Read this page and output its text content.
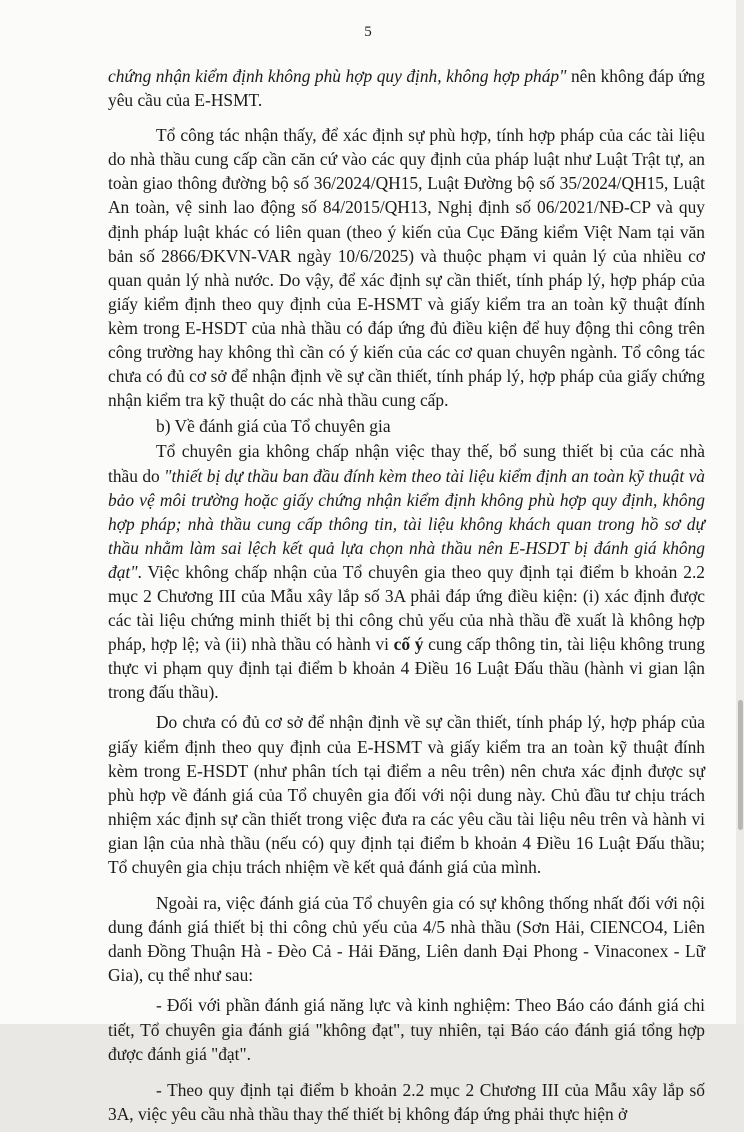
5

chứng nhận kiểm định không phù hợp quy định, không hợp pháp" nên không đáp ứng yêu cầu của E-HSMT.

Tổ công tác nhận thấy, để xác định sự phù hợp, tính hợp pháp của các tài liệu do nhà thầu cung cấp cần căn cứ vào các quy định của pháp luật như Luật Trật tự, an toàn giao thông đường bộ số 36/2024/QH15, Luật Đường bộ số 35/2024/QH15, Luật An toàn, vệ sinh lao động số 84/2015/QH13, Nghị định số 06/2021/NĐ-CP và quy định pháp luật khác có liên quan (theo ý kiến của Cục Đăng kiểm Việt Nam tại văn bản số 2866/ĐKVN-VAR ngày 10/6/2025) và thuộc phạm vi quản lý của nhiều cơ quan quản lý nhà nước. Do vậy, để xác định sự cần thiết, tính pháp lý, hợp pháp của giấy kiểm định theo quy định của E-HSMT và giấy kiểm tra an toàn kỹ thuật đính kèm trong E-HSDT của nhà thầu có đáp ứng đủ điều kiện để huy động thi công trên công trường hay không thì cần có ý kiến của các cơ quan chuyên ngành. Tổ công tác chưa có đủ cơ sở để nhận định về sự cần thiết, tính pháp lý, hợp pháp của giấy chứng nhận kiểm tra kỹ thuật do các nhà thầu cung cấp.

b) Về đánh giá của Tổ chuyên gia

Tổ chuyên gia không chấp nhận việc thay thế, bổ sung thiết bị của các nhà thầu do "thiết bị dự thầu ban đầu đính kèm theo tài liệu kiểm định an toàn kỹ thuật và bảo vệ môi trường hoặc giấy chứng nhận kiểm định không phù hợp quy định, không hợp pháp; nhà thầu cung cấp thông tin, tài liệu không khách quan trong hồ sơ dự thầu nhằm làm sai lệch kết quả lựa chọn nhà thầu nên E-HSDT bị đánh giá không đạt". Việc không chấp nhận của Tổ chuyên gia theo quy định tại điểm b khoản 2.2 mục 2 Chương III của Mẫu xây lắp số 3A phải đáp ứng điều kiện: (i) xác định được các tài liệu chứng minh thiết bị thi công chủ yếu của nhà thầu đề xuất là không hợp pháp, hợp lệ; và (ii) nhà thầu có hành vi cố ý cung cấp thông tin, tài liệu không trung thực vi phạm quy định tại điểm b khoản 4 Điều 16 Luật Đấu thầu (hành vi gian lận trong đấu thầu).

Do chưa có đủ cơ sở để nhận định về sự cần thiết, tính pháp lý, hợp pháp của giấy kiểm định theo quy định của E-HSMT và giấy kiểm tra an toàn kỹ thuật đính kèm trong E-HSDT (như phân tích tại điểm a nêu trên) nên chưa xác định được sự phù hợp về đánh giá của Tổ chuyên gia đối với nội dung này. Chủ đầu tư chịu trách nhiệm xác định sự cần thiết trong việc đưa ra các yêu cầu tài liệu nêu trên và hành vi gian lận của nhà thầu (nếu có) quy định tại điểm b khoản 4 Điều 16 Luật Đấu thầu; Tổ chuyên gia chịu trách nhiệm về kết quả đánh giá của mình.

Ngoài ra, việc đánh giá của Tổ chuyên gia có sự không thống nhất đối với nội dung đánh giá thiết bị thi công chủ yếu của 4/5 nhà thầu (Sơn Hải, CIENCO4, Liên danh Đồng Thuận Hà - Đèo Cả - Hải Đăng, Liên danh Đại Phong - Vinaconex - Lữ Gia), cụ thể như sau:

- Đối với phần đánh giá năng lực và kinh nghiệm: Theo Báo cáo đánh giá chi tiết, Tổ chuyên gia đánh giá "không đạt", tuy nhiên, tại Báo cáo đánh giá tổng hợp được đánh giá "đạt".

- Theo quy định tại điểm b khoản 2.2 mục 2 Chương III của Mẫu xây lắp số 3A, việc yêu cầu nhà thầu thay thế thiết bị không đáp ứng phải thực hiện ở
